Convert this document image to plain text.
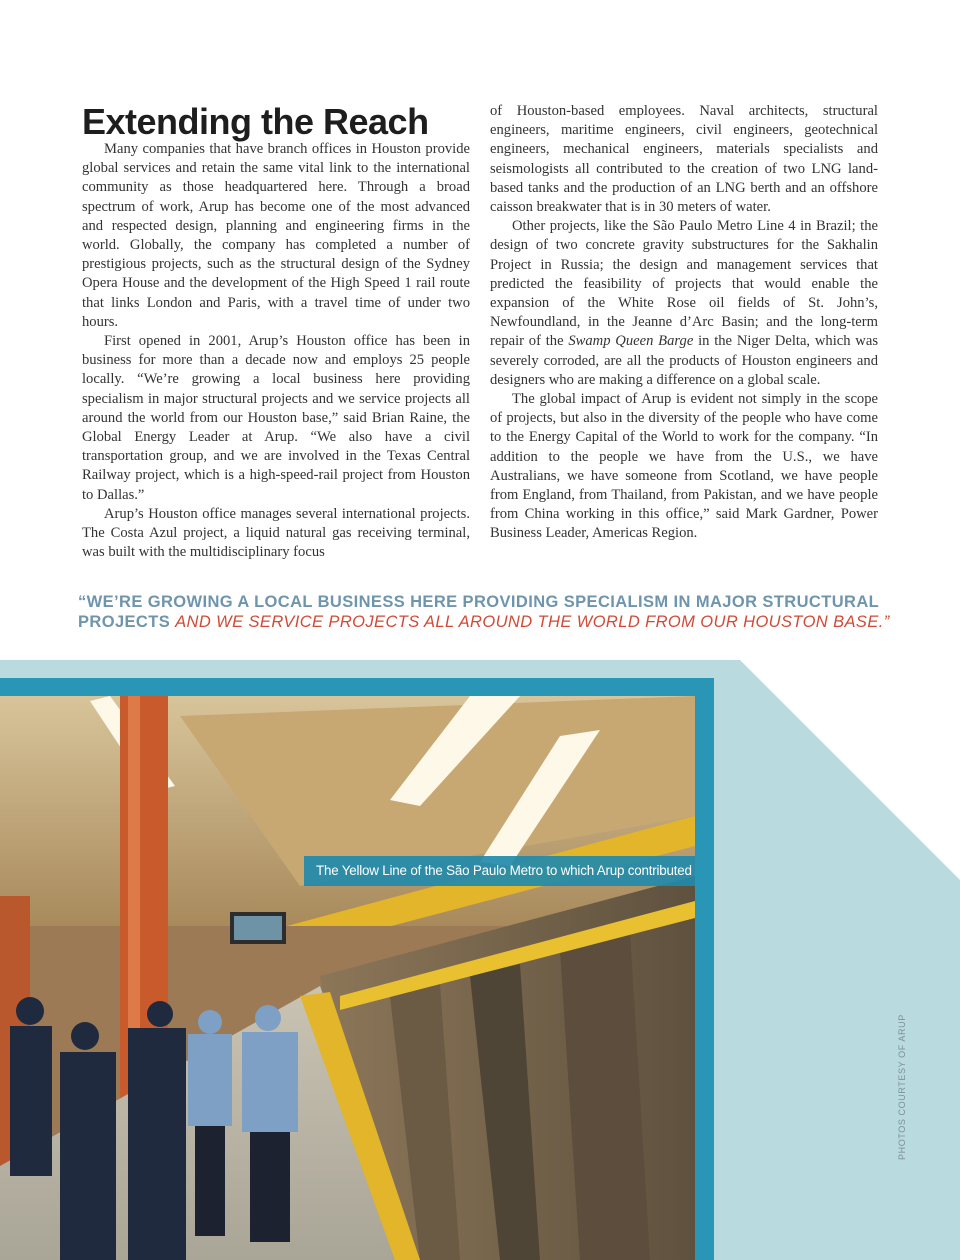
Extending the Reach

Many companies that have branch offices in Houston provide global services and retain the same vital link to the international community as those headquartered here. Through a broad spectrum of work, Arup has become one of the most advanced and respected design, planning and engineering firms in the world. Globally, the company has completed a number of prestigious projects, such as the structural design of the Sydney Opera House and the development of the High Speed 1 rail route that links London and Paris, with a travel time of under two hours.

First opened in 2001, Arup’s Houston office has been in business for more than a decade now and employs 25 people locally. “We’re growing a local business here providing specialism in major structural projects and we service projects all around the world from our Houston base,” said Brian Raine, the Global Energy Leader at Arup. “We also have a civil transportation group, and we are involved in the Texas Central Railway project, which is a high-speed-rail project from Houston to Dallas.”

Arup’s Houston office manages several international projects. The Costa Azul project, a liquid natural gas receiving terminal, was built with the multidisciplinary focus

of Houston-based employees. Naval architects, structural engineers, maritime engineers, civil engineers, geotechnical engineers, mechanical engineers, materials specialists and seismologists all contributed to the creation of two LNG land-based tanks and the production of an LNG berth and an offshore caisson breakwater that is in 30 meters of water.

Other projects, like the São Paulo Metro Line 4 in Brazil; the design of two concrete gravity substructures for the Sakhalin Project in Russia; the design and management services that predicted the feasibility of projects that would enable the expansion of the White Rose oil fields of St. John’s, Newfoundland, in the Jeanne d’Arc Basin; and the long-term repair of the Swamp Queen Barge in the Niger Delta, which was severely corroded, are all the products of Houston engineers and designers who are making a difference on a global scale.

The global impact of Arup is evident not simply in the scope of projects, but also in the diversity of the people who have come to the Energy Capital of the World to work for the company. “In addition to the people we have from the U.S., we have Australians, we have someone from Scotland, we have people from England, from Thailand, from Pakistan, and we have people from China working in this office,” said Mark Gardner, Power Business Leader, Americas Region.

“WE’RE GROWING A LOCAL BUSINESS HERE PROVIDING SPECIALISM IN MAJOR STRUCTURAL PROJECTS AND WE SERVICE PROJECTS ALL AROUND THE WORLD FROM OUR HOUSTON BASE.”
The Yellow Line of the São Paulo Metro to which Arup contributed
PHOTOS COURTESY OF ARUP
